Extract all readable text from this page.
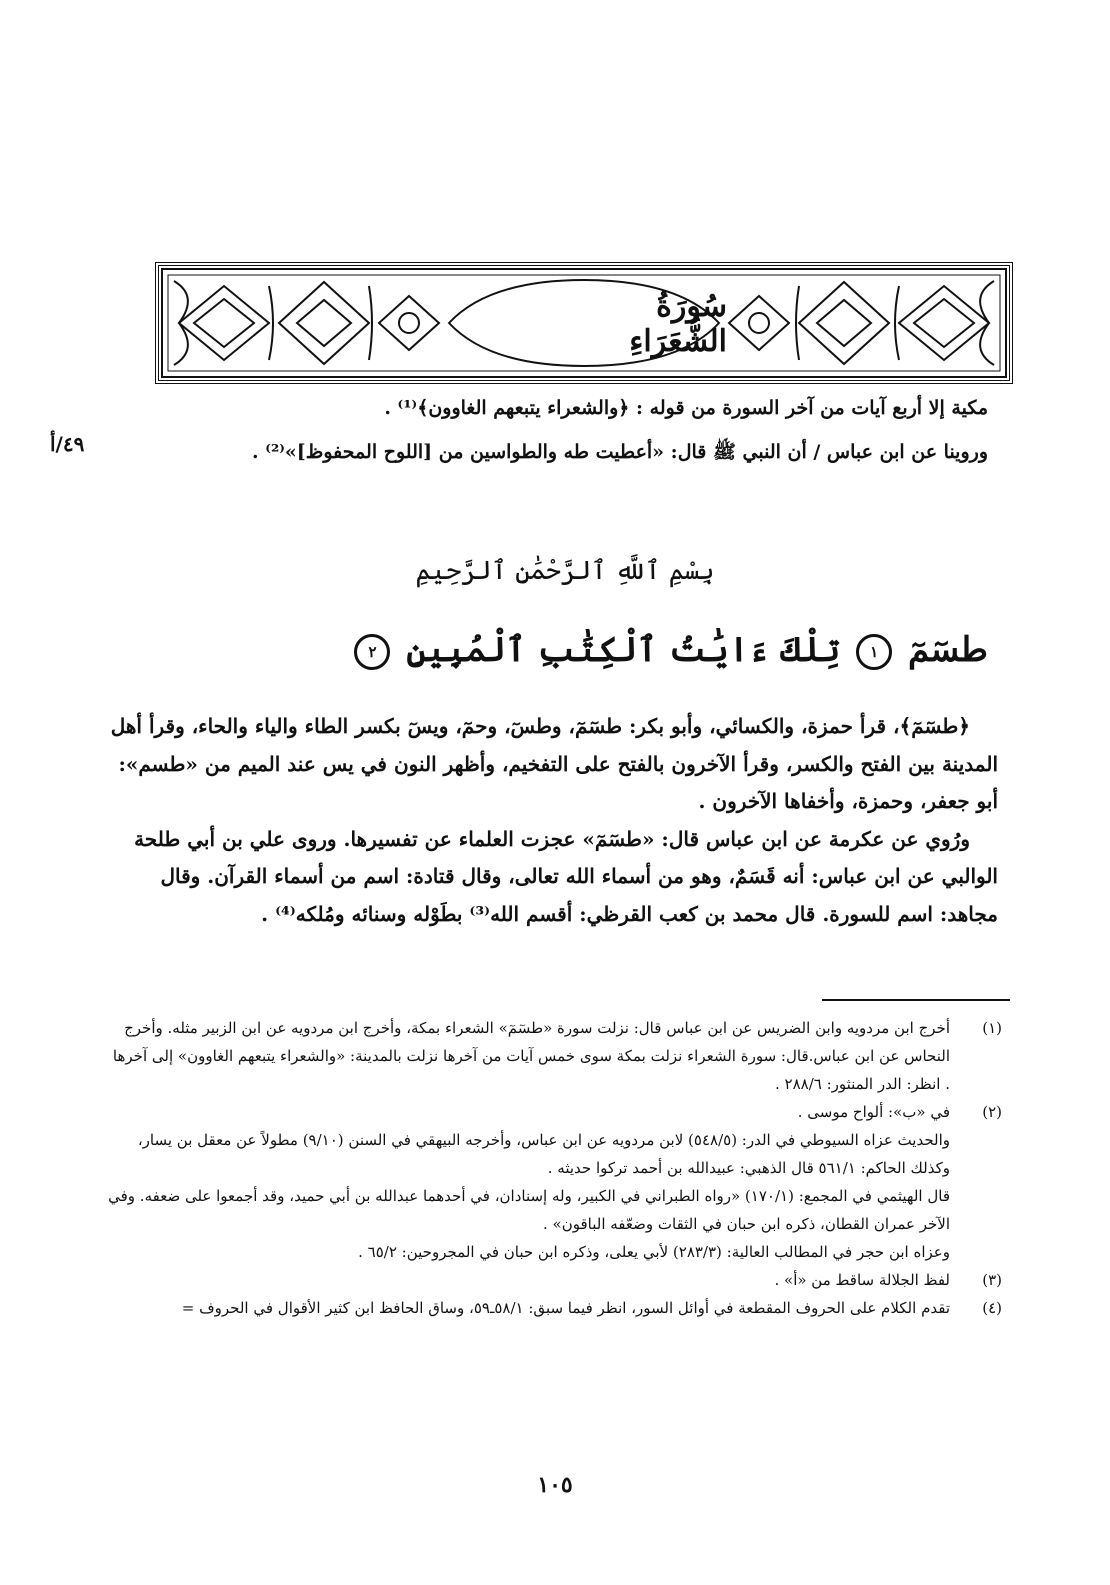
سُورَةُ الشُّعَرَاءِ
مكية إلا أربع آيات من آخر السورة من قوله : ﴿والشعراء يتبعهم الغاوون﴾⁽¹⁾ .
وروينا عن ابن عباس / أن النبي ﷺ قال: «أعطيت طه والطواسين من [اللوح المحفوظ]»⁽²⁾ .
٤٩/أ
بِسْمِ ٱللَّهِ ٱلرَّحْمَٰنِ ٱلرَّحِيمِ
طسٓمٓ ١ تِلْكَ ءَايَٰتُ ٱلْكِتَٰبِ ٱلْمُبِينِ ٢

﴿طسٓمٓ﴾، قرأ حمزة، والكسائي، وأبو بكر: طسٓمٓ، وطسٓ، وحمٓ، ويسٓ بكسر الطاء والياء والحاء، وقرأ أهل المدينة بين الفتح والكسر، وقرأ الآخرون بالفتح على التفخيم، وأظهر النون في يس عند الميم من «طسم»: أبو جعفر، وحمزة، وأخفاها الآخرون .

ورُوي عن عكرمة عن ابن عباس قال: «طسٓمٓ» عجزت العلماء عن تفسيرها. وروى علي بن أبي طلحة الوالبي عن ابن عباس: أنه قَسَمٌ، وهو من أسماء الله تعالى، وقال قتادة: اسم من أسماء القرآن. وقال مجاهد: اسم للسورة. قال محمد بن كعب القرظي: أقسم الله⁽³⁾ بطَوْله وسنائه ومُلكه⁽⁴⁾ .

(١)

أخرج ابن مردويه وابن الضريس عن ابن عباس قال: نزلت سورة «طسٓمٓ» الشعراء بمكة، وأخرج ابن مردويه عن ابن الزبير مثله. وأخرج النحاس عن ابن عباس.قال: سورة الشعراء نزلت بمكة سوى خمس آيات من آخرها نزلت بالمدينة: «والشعراء يتبعهم الغاوون» إلى آخرها . انظر: الدر المنثور: ٢٨٨/٦ .

(٢)

في «ب»: ألواح موسى .

والحديث عزاه السيوطي في الدر: (٥٤٨/٥) لابن مردويه عن ابن عباس، وأخرجه البيهقي في السنن (٩/١٠) مطولاً عن معقل بن يسار، وكذلك الحاكم: ٥٦١/١ قال الذهبي: عبيدالله بن أحمد تركوا حديثه .

قال الهيثمي في المجمع: (١٧٠/١) «رواه الطبراني في الكبير، وله إسنادان، في أحدهما عبدالله بن أبي حميد، وقد أجمعوا على ضعفه. وفي الآخر عمران القطان، ذكره ابن حبان في الثقات وضعّفه الباقون» .

وعزاه ابن حجر في المطالب العالية: (٢٨٣/٣) لأبي يعلى، وذكره ابن حبان في المجروحين: ٦٥/٢ .

(٣)

لفظ الجلالة ساقط من «أ» .

(٤)

تقدم الكلام على الحروف المقطعة في أوائل السور، انظر فيما سبق: ٥٨/١ـ٥٩، وساق الحافظ ابن كثير الأقوال في الحروف =

١٠٥
